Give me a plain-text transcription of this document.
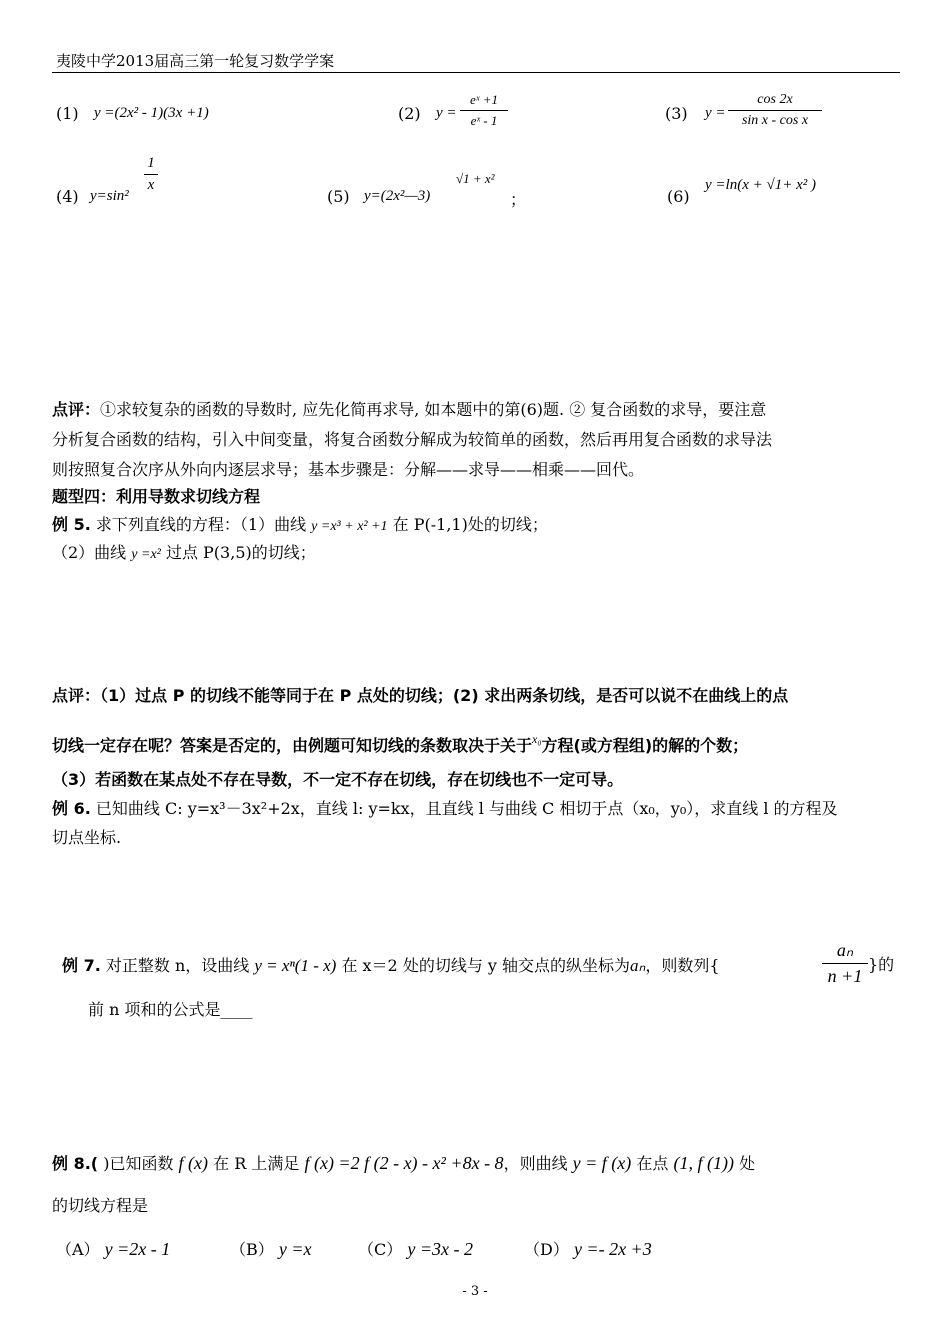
夷陵中学2013届高三第一轮复习数学学案
(1) y =(2x² - 1)(3x +1)	(2) y =
eˣ +1
eˣ - 1	(3) y =
cos 2x
sin x - cos x
(4) y=sin²
1
x
(5) y=(2x²—3)
√1 + x²
；	(6)
y =ln(x + √1+ x² )
点评：①求较复杂的函数的导数时, 应先化简再求导, 如本题中的第(6)题. ② 复合函数的求导，要注意
分析复合函数的结构，引入中间变量，将复合函数分解成为较简单的函数，然后再用复合函数的求导法
则按照复合次序从外向内逐层求导；基本步骤是：分解——求导——相乘——回代。
题型四：利用导数求切线方程
例 5. 求下列直线的方程：（1）曲线 y =x³ + x² +1 在 P(-1,1)处的切线；
（2）曲线 y =x² 过点 P(3,5)的切线；
点评：（1）过点 P 的切线不能等同于在 P 点处的切线；(2) 求出两条切线，是否可以说不在曲线上的点
切线一定存在呢？答案是否定的，由例题可知切线的条数取决于关于$^{x_0}$方程(或方程组)的解的个数；
（3）若函数在某点处不存在导数，不一定不存在切线，存在切线也不一定可导。
例 6. 已知曲线 C: y=x³－3x²+2x，直线 l: y=kx，且直线 l 与曲线 C 相切于点（x₀，y₀），求直线 l 的方程及
切点坐标.
例 7. 对正整数 n，设曲线 y = xⁿ(1 - x) 在 x＝2 处的切线与 y 轴交点的纵坐标为aₙ，则数列{
aₙ
n +1
}的
前 n 项和的公式是____
例 8.( )已知函数 f (x) 在 R 上满足 f (x) =2 f (2 - x) - x² +8x - 8，则曲线 y = f (x) 在点 (1, f (1)) 处
的切线方程是
（A） y =2x - 1	（B） y =x	（C） y =3x - 2	（D） y =- 2x +3
- 3 -
